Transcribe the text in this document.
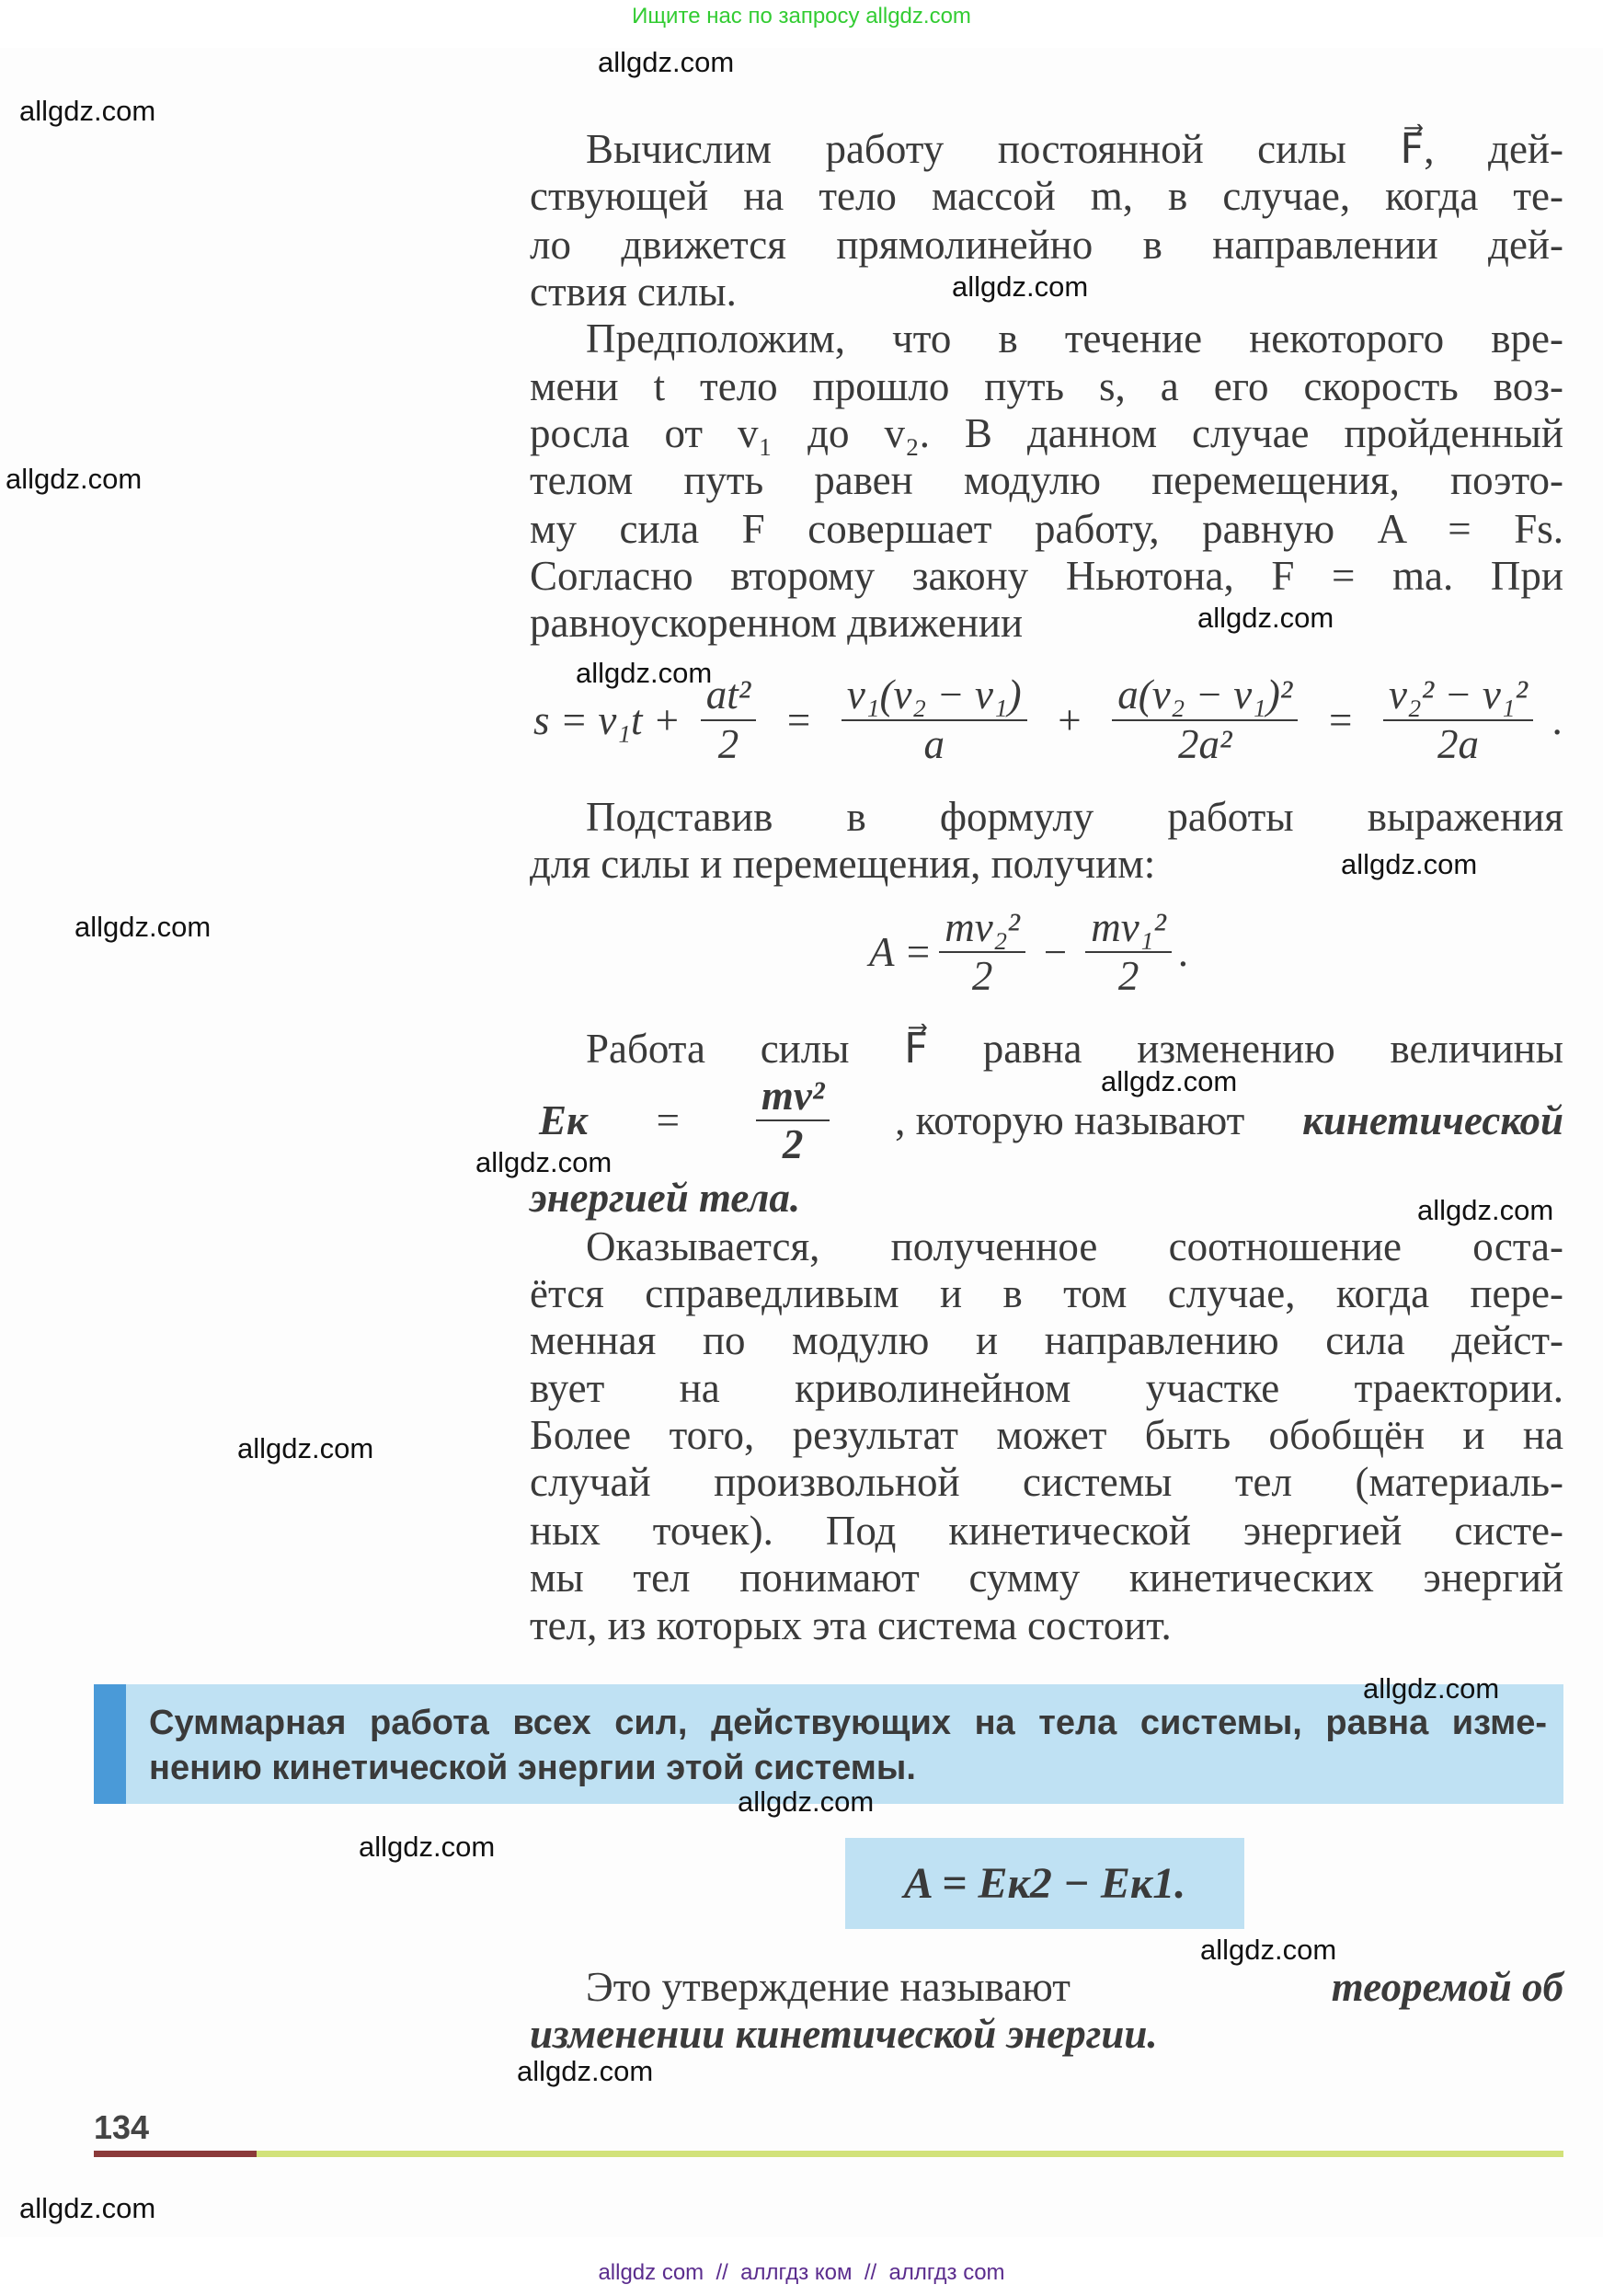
Ищите нас по запросу allgdz.com
Вычислим работу постоянной силы F⃗, дей-
ствующей на тело массой m, в случае, когда те-
ло движется прямолинейно в направлении дей-
ствия силы.
Предположим, что в течение некоторого вре-
мени t тело прошло путь s, а его скорость воз-
росла от v₁ до v₂. В данном случае пройденный
телом путь равен модулю перемещения, поэто-
му сила F совершает работу, равную A = Fs.
Согласно второму закону Ньютона, F = ma. При
равноускоренном движении
$s = v_1t + \frac{\text{at²}}{2} = \frac{\text{v₁(v₂ − v₁)}}{a} + \frac{\text{a(v₂ − v₁)²}}{\text{2a²}} = \frac{\text{v₂² − v₁²}}{2a}$ .
Подставив в формулу работы выражения
для силы и перемещения, получим:
$A = \frac{\text{mv₂²}}{2} - \frac{\text{mv₁²}}{2}$ .
Работа силы F⃗ равна изменению величины
Eк = $\frac{\text{mv²}}{2}$ , которую называют кинетической
энергией тела.
Оказывается, полученное соотношение оста-
ётся справедливым и в том случае, когда пере-
менная по модулю и направлению сила дейст-
вует на криволинейном участке траектории.
Более того, результат может быть обобщён и на
случай произвольной системы тел (материаль-
ных точек). Под кинетической энергией систе-
мы тел понимают сумму кинетических энергий
тел, из которых эта система состоит.
Суммарная работа всех сил, действующих на тела системы, равна изме-
нению кинетической энергии этой системы.
A = Eк2 − Eк1.
Это утверждение называют	теоремой об
изменении кинетической энергии.
134
allgdz com  //  аллгдз ком  //  аллгдз com
allgdz.com
allgdz.com
allgdz.com
allgdz.com
allgdz.com
allgdz.com
allgdz.com
allgdz.com
allgdz.com
allgdz.com
allgdz.com
allgdz.com
allgdz.com
allgdz.com
allgdz.com
allgdz.com
allgdz.com
allgdz.com
